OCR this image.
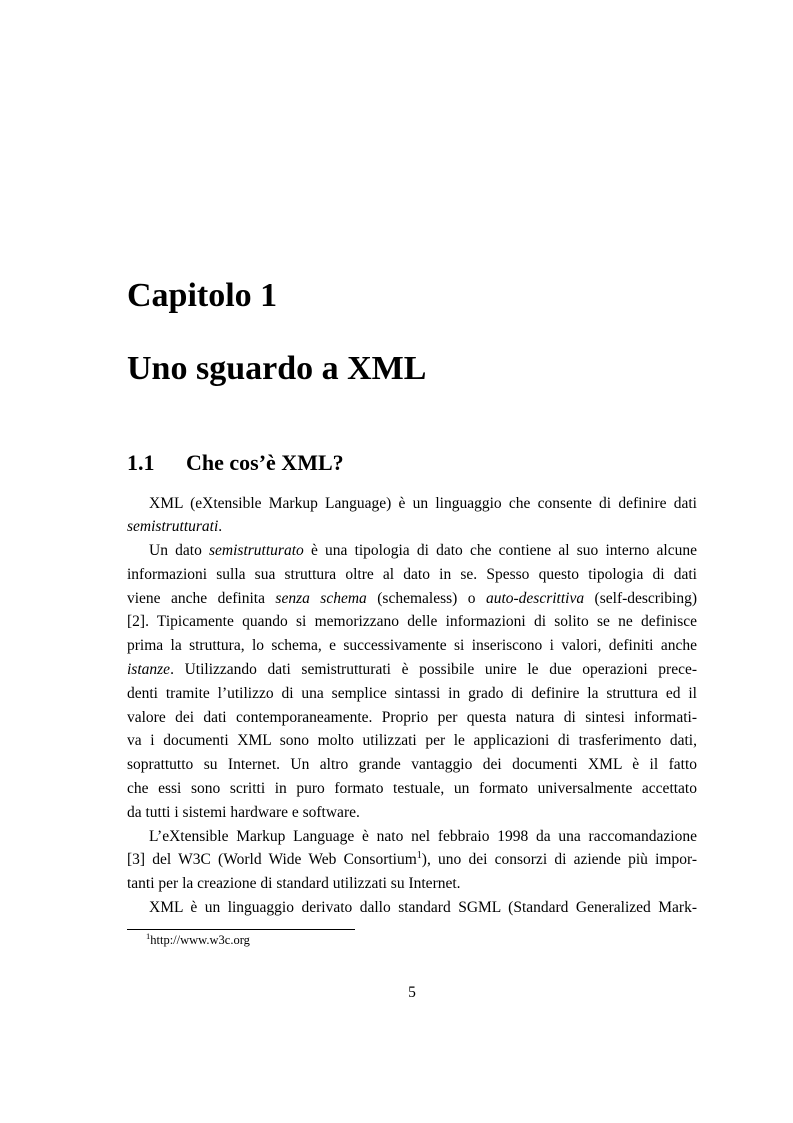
Capitolo 1
Uno sguardo a XML
1.1 Che cos’è XML?

XML (eXtensible Markup Language) è un linguaggio che consente di definire dati

semistrutturati.

Un dato semistrutturato è una tipologia di dato che contiene al suo interno alcune

informazioni sulla sua struttura oltre al dato in se. Spesso questo tipologia di dati

viene anche definita senza schema (schemaless) o auto-descrittiva (self-describing)

[2]. Tipicamente quando si memorizzano delle informazioni di solito se ne definisce

prima la struttura, lo schema, e successivamente si inseriscono i valori, definiti anche

istanze. Utilizzando dati semistrutturati è possibile unire le due operazioni prece-

denti tramite l’utilizzo di una semplice sintassi in grado di definire la struttura ed il

valore dei dati contemporaneamente. Proprio per questa natura di sintesi informati-

va i documenti XML sono molto utilizzati per le applicazioni di trasferimento dati,

soprattutto su Internet. Un altro grande vantaggio dei documenti XML è il fatto

che essi sono scritti in puro formato testuale, un formato universalmente accettato

da tutti i sistemi hardware e software.

L’eXtensible Markup Language è nato nel febbraio 1998 da una raccomandazione

[3] del W3C (World Wide Web Consortium$^1$), uno dei consorzi di aziende più impor-

tanti per la creazione di standard utilizzati su Internet.

XML è un linguaggio derivato dallo standard SGML (Standard Generalized Mark-

$^1$http://www.w3c.org

5
